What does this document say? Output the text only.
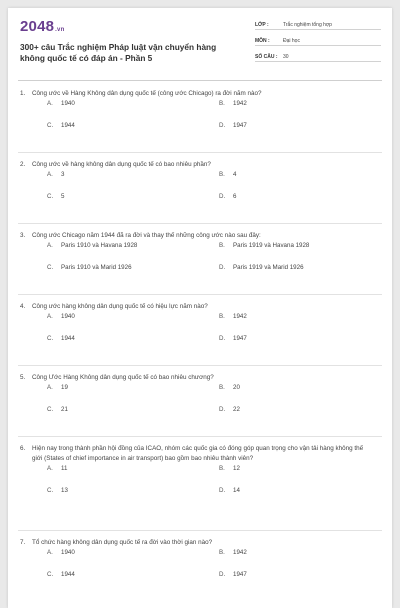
2048.vn
300+ câu Trắc nghiệm Pháp luật vận chuyển hàng không quốc tế có đáp án - Phần 5
LỚP :	Trắc nghiệm tổng hợp
MÔN :	Đại học
SỐ CÂU :	30
1.	Công ước về Hàng Không dân dụng quốc tế (công ước Chicago) ra đời năm nào?
A.	1940	B.	1942
C.	1944	D.	1947
2.	Công ước về hàng không dân dụng quốc tế có bao nhiêu phần?
A.	3	B.	4
C.	5	D.	6
3.	Công ước Chicago năm 1944 đã ra đời và thay thế những công ước nào sau đây:
A.	Paris 1910 và Havana 1928	B.	Paris 1919 và Havana 1928
C.	Paris 1910 và Marid 1926	D.	Paris 1919 và Marid 1926
4.	Công ước hàng không dân dụng quốc tế có hiệu lực năm nào?
A.	1940	B.	1942
C.	1944	D.	1947
5.	Công Ước Hàng Không dân dụng quốc tế có bao nhiêu chương?
A.	19	B.	20
C.	21	D.	22
6.	Hiện nay trong thành phần hội đồng của ICAO, nhóm các quốc gia có đóng góp quan trọng cho vận tải hàng không thế giới (States of chief importance in air transport) bao gồm bao nhiêu thành viên?
A.	11	B.	12
C.	13	D.	14
7.	Tổ chức hàng không dân dụng quốc tế ra đời vào thời gian nào?
A.	1940	B.	1942
C.	1944	D.	1947
